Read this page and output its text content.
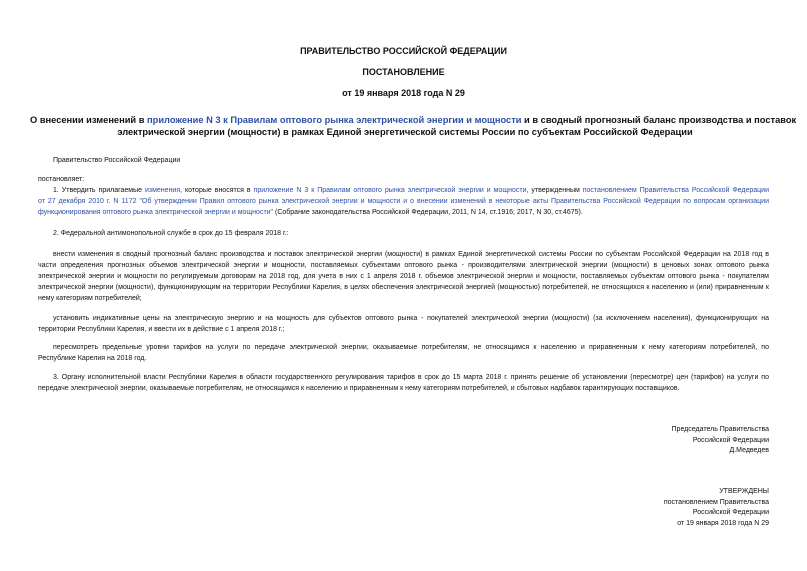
ПРАВИТЕЛЬСТВО РОССИЙСКОЙ ФЕДЕРАЦИИ
ПОСТАНОВЛЕНИЕ
от 19 января 2018 года N 29
О внесении изменений в приложение N 3 к Правилам оптового рынка электрической энергии и мощности и в сводный прогнозный баланс производства и поставок
электрической энергии (мощности) в рамках Единой энергетической системы России по субъектам Российской Федерации
Правительство Российской Федерации
постановляет:
1. Утвердить прилагаемые изменения, которые вносятся в приложение N 3 к Правилам оптового рынка электрической энергии и мощности, утвержденным постановлением Правительства Российской Федерации
от 27 декабря 2010 г. N 1172 "Об утверждении Правил оптового рынка электрической энергии и мощности и о внесении изменений в некоторые акты Правительства Российской Федерации по вопросам организации
функционирования оптового рынка электрической энергии и мощности" (Собрание законодательства Российской Федерации, 2011, N 14, ст.1916; 2017, N 30, ст.4675).
2. Федеральной антимонопольной службе в срок до 15 февраля 2018 г.:
внести изменения в сводный прогнозный баланс производства и поставок электрической энергии (мощности) в рамках Единой энергетической системы России по субъектам Российской Федерации на 2018 год в
части определения прогнозных объемов электрической энергии и мощности, поставляемых субъектами оптового рынка - производителями электрической энергии (мощности) в ценовых зонах оптового рынка
электрической энергии и мощности по регулируемым договорам на 2018 год, для учета в них с 1 апреля 2018 г. объемов электрической энергии и мощности, поставляемых субъектам оптового рынка - покупателям
электрической энергии (мощности), функционирующим на территории Республики Карелия, в целях обеспечения электрической энергией (мощностью) потребителей, не относящихся к населению и (или) приравненным к
нему категориям потребителей;
установить индикативные цены на электрическую энергию и на мощность для субъектов оптового рынка - покупателей электрической энергии (мощности) (за исключением населения), функционирующих на
территории Республики Карелия, и ввести их в действие с 1 апреля 2018 г.;
пересмотреть предельные уровни тарифов на услуги по передаче электрической энергии, оказываемые потребителям, не относящимся к населению и приравненным к нему категориям потребителей, по
Республике Карелия на 2018 год.
3. Органу исполнительной власти Республики Карелия в области государственного регулирования тарифов в срок до 15 марта 2018 г. принять решение об установлении (пересмотре) цен (тарифов) на услуги по
передаче электрической энергии, оказываемые потребителям, не относящимся к населению и приравненным к нему категориям потребителей, и сбытовых надбавок гарантирующих поставщиков.
Председатель Правительства
Российской Федерации
Д.Медведев
УТВЕРЖДЕНЫ
постановлением Правительства
Российской Федерации
от 19 января 2018 года N 29
